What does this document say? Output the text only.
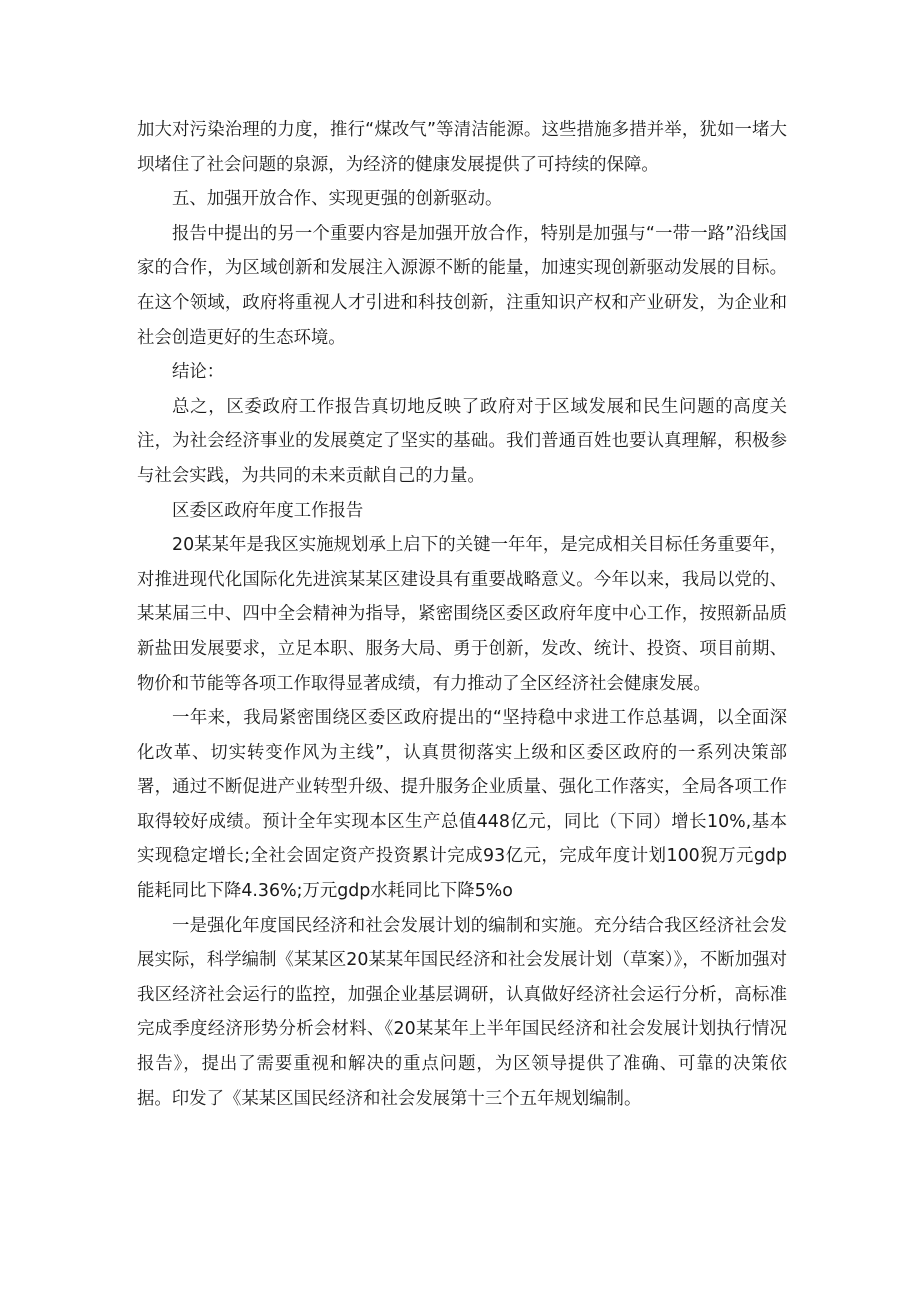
加大对污染治理的力度，推行“煤改气”等清洁能源。这些措施多措并举，犹如一堵大坝堵住了社会问题的泉源，为经济的健康发展提供了可持续的保障。

五、加强开放合作、实现更强的创新驱动。

报告中提出的另一个重要内容是加强开放合作，特别是加强与“一带一路”沿线国家的合作，为区域创新和发展注入源源不断的能量，加速实现创新驱动发展的目标。在这个领域，政府将重视人才引进和科技创新，注重知识产权和产业研发，为企业和社会创造更好的生态环境。

结论：

总之，区委政府工作报告真切地反映了政府对于区域发展和民生问题的高度关注，为社会经济事业的发展奠定了坚实的基础。我们普通百姓也要认真理解，积极参与社会实践，为共同的未来贡献自己的力量。

区委区政府年度工作报告

20某某年是我区实施规划承上启下的关键一年年，是完成相关目标任务重要年，对推进现代化国际化先进滨某某区建设具有重要战略意义。今年以来，我局以党的、某某届三中、四中全会精神为指导，紧密围绕区委区政府年度中心工作，按照新品质新盐田发展要求，立足本职、服务大局、勇于创新，发改、统计、投资、项目前期、物价和节能等各项工作取得显著成绩，有力推动了全区经济社会健康发展。

一年来，我局紧密围绕区委区政府提出的“坚持稳中求进工作总基调，以全面深化改革、切实转变作风为主线”，认真贯彻落实上级和区委区政府的一系列决策部署，通过不断促进产业转型升级、提升服务企业质量、强化工作落实，全局各项工作取得较好成绩。预计全年实现本区生产总值448亿元，同比（下同）增长10%,基本实现稳定增长;全社会固定资产投资累计完成93亿元，完成年度计划100猊万元gdp能耗同比下降4.36%;万元gdp水耗同比下降5%o

一是强化年度国民经济和社会发展计划的编制和实施。充分结合我区经济社会发展实际，科学编制《某某区20某某年国民经济和社会发展计划（草案）》，不断加强对我区经济社会运行的监控，加强企业基层调研，认真做好经济社会运行分析，高标准完成季度经济形势分析会材料、《20某某年上半年国民经济和社会发展计划执行情况报告》，提出了需要重视和解决的重点问题，为区领导提供了准确、可靠的决策依据。印发了《某某区国民经济和社会发展第十三个五年规划编制。
